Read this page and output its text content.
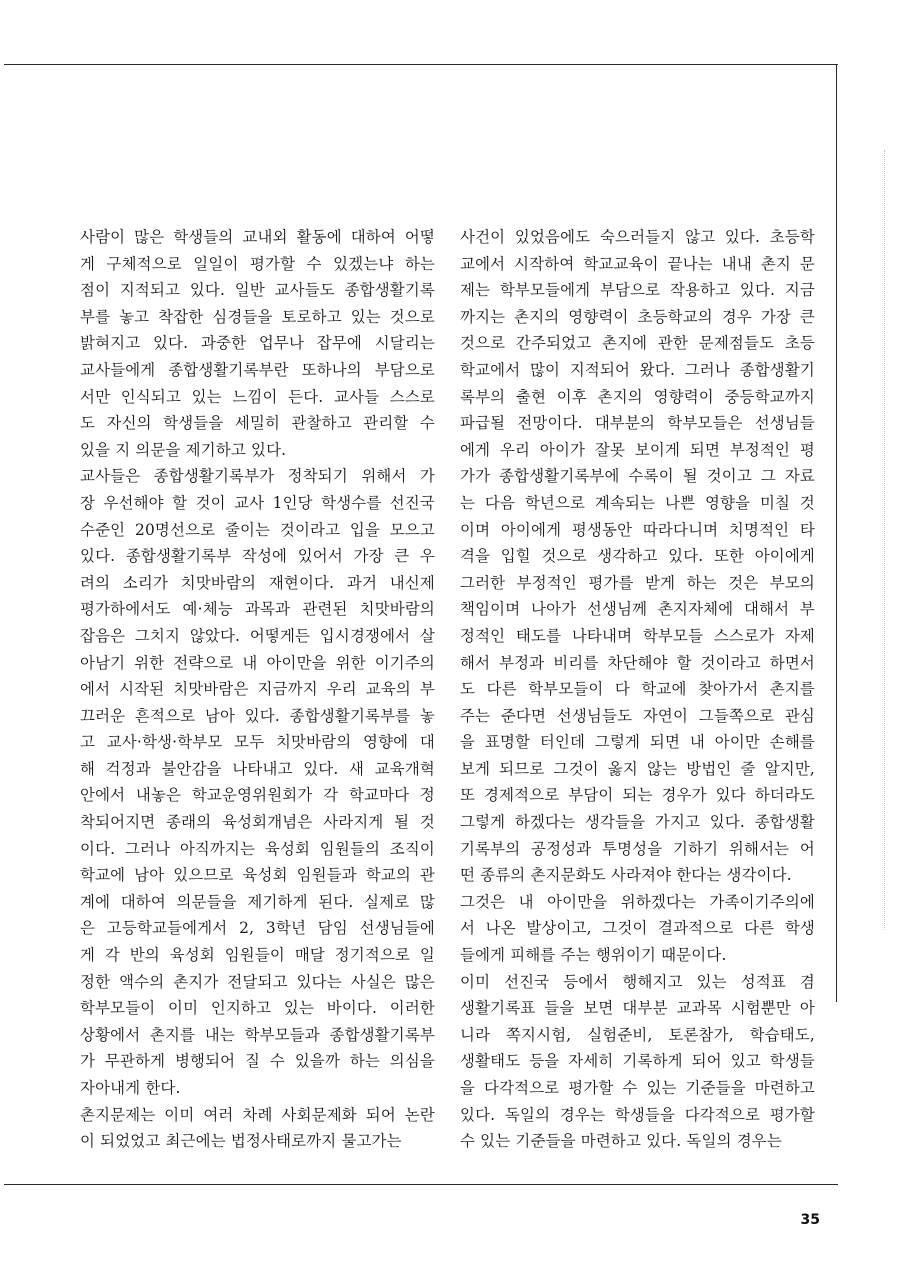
사람이 많은 학생들의 교내외 활동에 대하여 어떻
게 구체적으로 일일이 평가할 수 있겠는냐 하는
점이 지적되고 있다. 일반 교사들도 종합생활기록
부를 놓고 착잡한 심경들을 토로하고 있는 것으로
밝혀지고 있다. 과중한 업무나 잡무에 시달리는
교사들에게 종합생활기록부란 또하나의 부담으로
서만 인식되고 있는 느낌이 든다. 교사들 스스로
도 자신의 학생들을 세밀히 관찰하고 관리할 수
있을 지 의문을 제기하고 있다.
교사들은 종합생활기록부가 정착되기 위해서 가
장 우선해야 할 것이 교사 1인당 학생수를 선진국
수준인 20명선으로 줄이는 것이라고 입을 모으고
있다. 종합생활기록부 작성에 있어서 가장 큰 우
려의 소리가 치맛바람의 재현이다. 과거 내신제
평가하에서도 예·체능 과목과 관련된 치맛바람의
잡음은 그치지 않았다. 어떻게든 입시경쟁에서 살
아남기 위한 전략으로 내 아이만을 위한 이기주의
에서 시작된 치맛바람은 지금까지 우리 교육의 부
끄러운 흔적으로 남아 있다. 종합생활기록부를 놓
고 교사·학생·학부모 모두 치맛바람의 영향에 대
해 걱정과 불안감을 나타내고 있다. 새 교육개혁
안에서 내놓은 학교운영위원회가 각 학교마다 정
착되어지면 종래의 육성회개념은 사라지게 될 것
이다. 그러나 아직까지는 육성회 임원들의 조직이
학교에 남아 있으므로 육성회 임원들과 학교의 관
계에 대하여 의문들을 제기하게 된다. 실제로 많
은 고등학교들에게서 2, 3학년 담임 선생님들에
게 각 반의 육성회 임원들이 매달 정기적으로 일
정한 액수의 촌지가 전달되고 있다는 사실은 많은
학부모들이 이미 인지하고 있는 바이다. 이러한
상황에서 촌지를 내는 학부모들과 종합생활기록부
가 무관하게 병행되어 질 수 있을까 하는 의심을
자아내게 한다.
촌지문제는 이미 여러 차례 사회문제화 되어 논란
이 되었었고 최근에는 법정사태로까지 물고가는
사건이 있었음에도 숙으러들지 않고 있다. 초등학
교에서 시작하여 학교교육이 끝나는 내내 촌지 문
제는 학부모들에게 부담으로 작용하고 있다. 지금
까지는 촌지의 영향력이 초등학교의 경우 가장 큰
것으로 간주되었고 촌지에 관한 문제점들도 초등
학교에서 많이 지적되어 왔다. 그러나 종합생활기
록부의 출현 이후 촌지의 영향력이 중등학교까지
파급될 전망이다. 대부분의 학부모들은 선생님들
에게 우리 아이가 잘못 보이게 되면 부정적인 평
가가 종합생활기록부에 수록이 될 것이고 그 자료
는 다음 학년으로 계속되는 나쁜 영향을 미칠 것
이며 아이에게 평생동안 따라다니며 치명적인 타
격을 입힐 것으로 생각하고 있다. 또한 아이에게
그러한 부정적인 평가를 받게 하는 것은 부모의
책임이며 나아가 선생님께 촌지자체에 대해서 부
정적인 태도를 나타내며 학부모들 스스로가 자제
해서 부정과 비리를 차단해야 할 것이라고 하면서
도 다른 학부모들이 다 학교에 찾아가서 촌지를
주는 준다면 선생님들도 자연이 그들쪽으로 관심
을 표명할 터인데 그렇게 되면 내 아이만 손해를
보게 되므로 그것이 옳지 않는 방법인 줄 알지만,
또 경제적으로 부담이 되는 경우가 있다 하더라도
그렇게 하겠다는 생각들을 가지고 있다. 종합생활
기록부의 공정성과 투명성을 기하기 위해서는 어
떤 종류의 촌지문화도 사라져야 한다는 생각이다.
그것은 내 아이만을 위하겠다는 가족이기주의에
서 나온 발상이고, 그것이 결과적으로 다른 학생
들에게 피해를 주는 행위이기 때문이다.
이미 선진국 등에서 행해지고 있는 성적표 겸
생활기록표 들을 보면 대부분 교과목 시험뿐만 아
니라 쪽지시험, 실험준비, 토론참가, 학습태도,
생활태도 등을 자세히 기록하게 되어 있고 학생들
을 다각적으로 평가할 수 있는 기준들을 마련하고
있다. 독일의 경우는 학생들을 다각적으로 평가할
수 있는 기준들을 마련하고 있다. 독일의 경우는
35
